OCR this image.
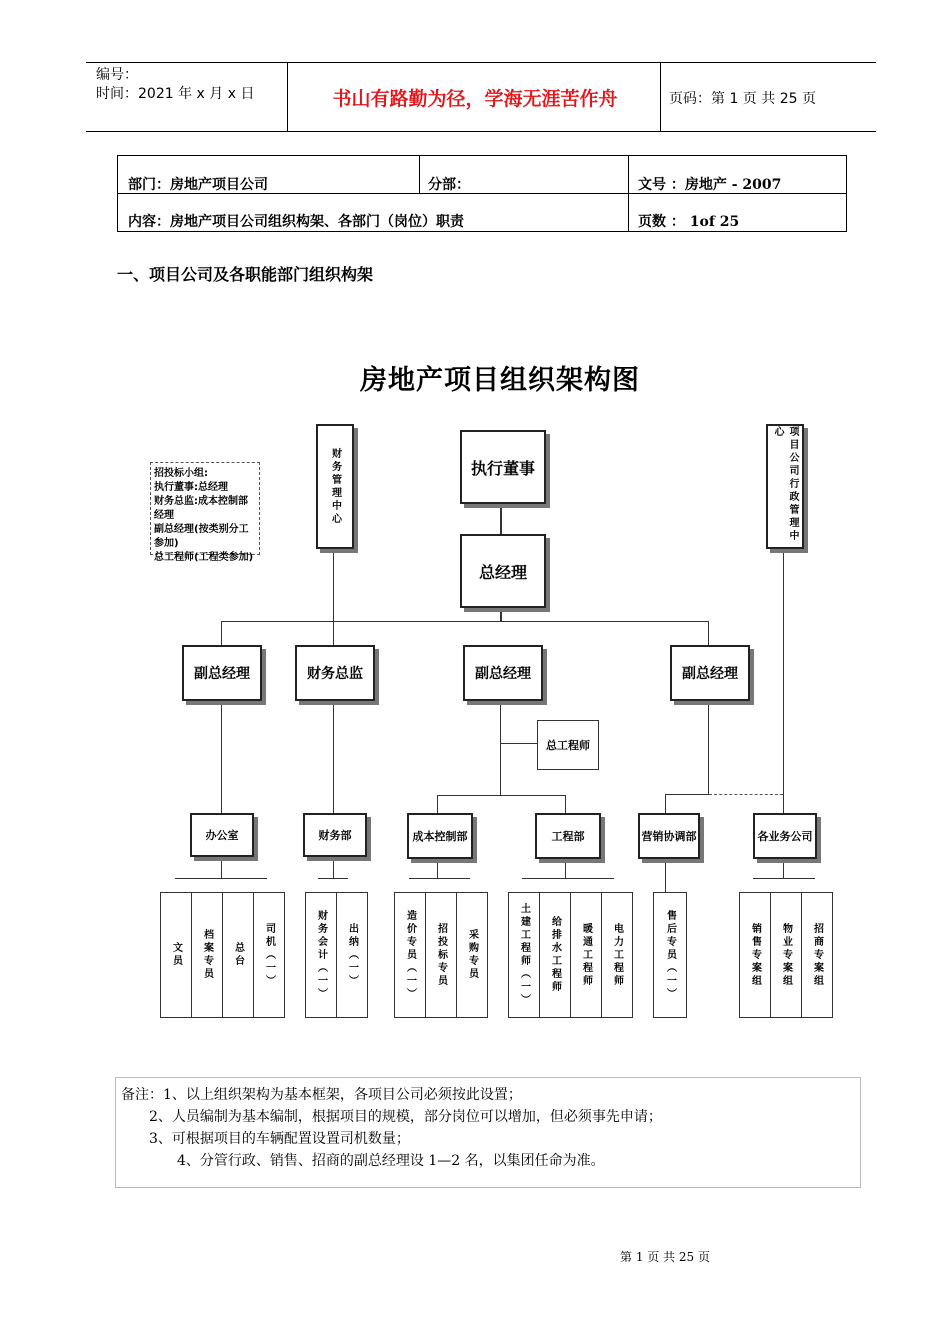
编号：
时间：2021 年 x 月 x 日	书山有路勤为径，学海无涯苦作舟	页码：第 1 页 共 25 页
部门：房地产项目公司	分部：	文号 ：房地产 - 2007
内容：房地产项目公司组织构架、各部门（岗位）职责	页数 ： 1of 25
一、项目公司及各职能部门组织构架
房地产项目组织架构图
招投标小组:
执行董事:总经理
财务总监:成本控制部经理
副总经理(按类别分工参加)
总工程师(工程类参加)
财务管理中心	项目公司行政管理中心
执行董事
总经理
副总经理	财务总监	副总经理	副总经理
总工程师
办公室	财务部	成本控制部	工程部	营销协调部	各业务公司
文员 档案专员 总台 司机（一）	财务会计（一） 出纳（一）	造价专员（一） 招投标专员 采购专员	土建工程师（一） 给排水工程师 暖通工程师 电力工程师	售后专员（一）	销售专案组 物业专案组 招商专案组
备注：1、以上组织架构为基本框架，各项目公司必须按此设置；
2、人员编制为基本编制，根据项目的规模，部分岗位可以增加，但必须事先申请；
3、可根据项目的车辆配置设置司机数量；
4、分管行政、销售、招商的副总经理设 1—2 名，以集团任命为准。
第 1 页 共 25 页
